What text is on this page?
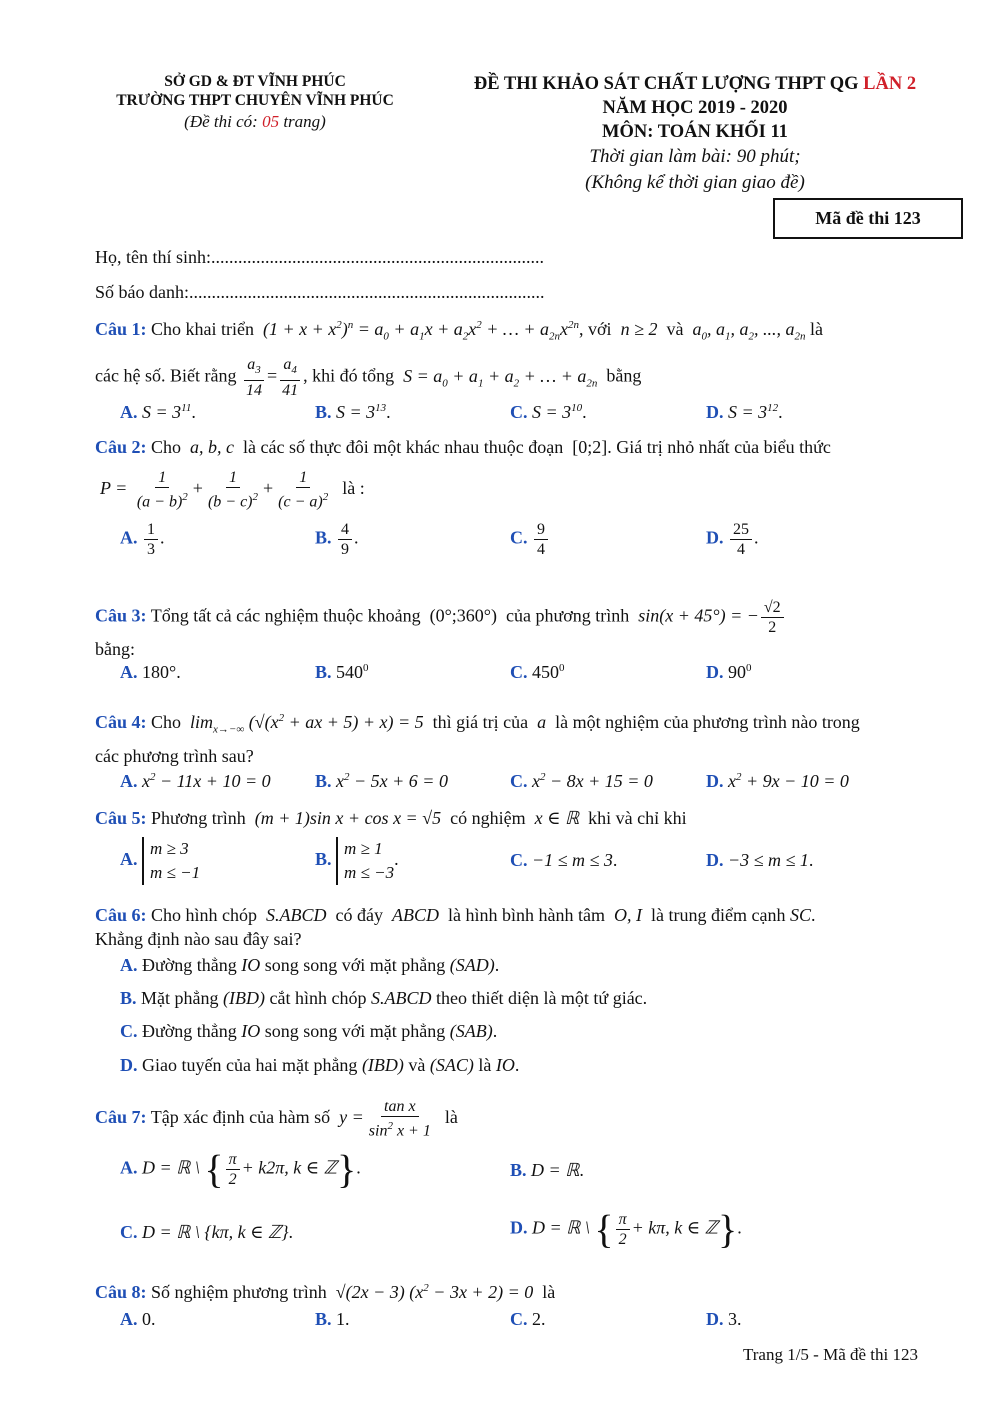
SỞ GD & ĐT VĨNH PHÚC
TRƯỜNG THPT CHUYÊN VĨNH PHÚC
(Đề thi có: 05 trang)
ĐỀ THI KHẢO SÁT CHẤT LƯỢNG THPT QG LẦN 2
NĂM HỌC 2019 - 2020
MÔN: TOÁN KHỐI 11
Thời gian làm bài: 90 phút;
(Không kể thời gian giao đề)
Mã đề thi 123
Họ, tên thí sinh:..........................................................................
Số báo danh:...............................................................................
Câu 1: Cho khai triển  $(1 + x + x^2)^n = a_0 + a_1x + a_2x^2$ + … + $a_{2n}x^{2n}$, với  n ≥ 2  và  $a_0$, $a_1$, $a_2$, ..., $a_{2n}$ là
các hệ số. Biết rằng $\frac{a_3}{14} = \frac{a_4}{41}$ , khi đó tổng  $S = a_0 + a_1 + a_2$ + … + $a_{2n}$ bằng
A. $S = 3^{11}$.	B. $S = 3^{13}$.	C. $S = 3^{10}$.	D. $S = 3^{12}$.
Câu 2: Cho  a, b, c  là các số thực đôi một khác nhau thuộc đoạn  [0;2]. Giá trị nhỏ nhất của biểu thức
$P = \frac{1}{(a - b)^2} + \frac{1}{(b - c)^2} + \frac{1}{(c - a)^2}$ là :
A. $\frac{1}{3}$ .	B. $\frac{4}{9}$ .	C. $\frac{9}{4}$	D. $\frac{25}{4}$ .
Câu 3: Tổng tất cả các nghiệm thuộc khoảng  (0°;360°)  của phương trình  sin(x + 45°) = − $\frac{√2}{2}$
bằng:
A. 180°.	B. $540^0$	C. $450^0$	D. $90^0$
Câu 4: Cho  $\lim_{x\to-\infty} (√(x^2$ + ax + 5) + x) = 5  thì giá trị của  a  là một nghiệm của phương trình nào trong
các phương trình sau?
A. $x^2 - 11x + 10 = 0$ B. $x^2 - 5x + 6 = 0$	C. $x^2 - 8x + 15 = 0$	D. $x^2 + 9x - 10 = 0$
Câu 5: Phương trình  (m + 1)sin x + cos x = √5  có nghiệm  x ∈ ℝ  khi và chỉ khi
A. m ≥ 3
m ≤ −1
B. m ≥ 1
m ≤ −3.	C. −1 ≤ m ≤ 3.	D. −3 ≤ m ≤ 1.
Câu 6: Cho hình chóp  S.ABCD  có đáy  ABCD  là hình bình hành tâm  O, I  là trung điểm cạnh SC.
Khẳng định nào sau đây sai?
A. Đường thẳng IO song song với mặt phẳng (SAD).
B. Mặt phẳng (IBD) cắt hình chóp S.ABCD theo thiết diện là một tứ giác.
C. Đường thẳng IO song song với mặt phẳng (SAB).
D. Giao tuyến của hai mặt phẳng (IBD) và (SAC) là IO.
Câu 7: Tập xác định của hàm số  $y = \frac{\text{tan x}}{\sin^2 x + 1}$ là
A. D = ℝ \ { $\frac{\pi}{2} + k2\pi$, k ∈ ℤ}.	B. D = ℝ.
C. D = ℝ \ {kπ, k ∈ ℤ}.	D. D = ℝ \ { $\frac{\pi}{2} + k\pi$, k ∈ ℤ}.
Câu 8: Số nghiệm phương trình  √(2x − 3) $(x^2 - 3x + 2) = 0$  là
A. 0.	B. 1.	C. 2.	D. 3.
Trang 1/5 - Mã đề thi 123
